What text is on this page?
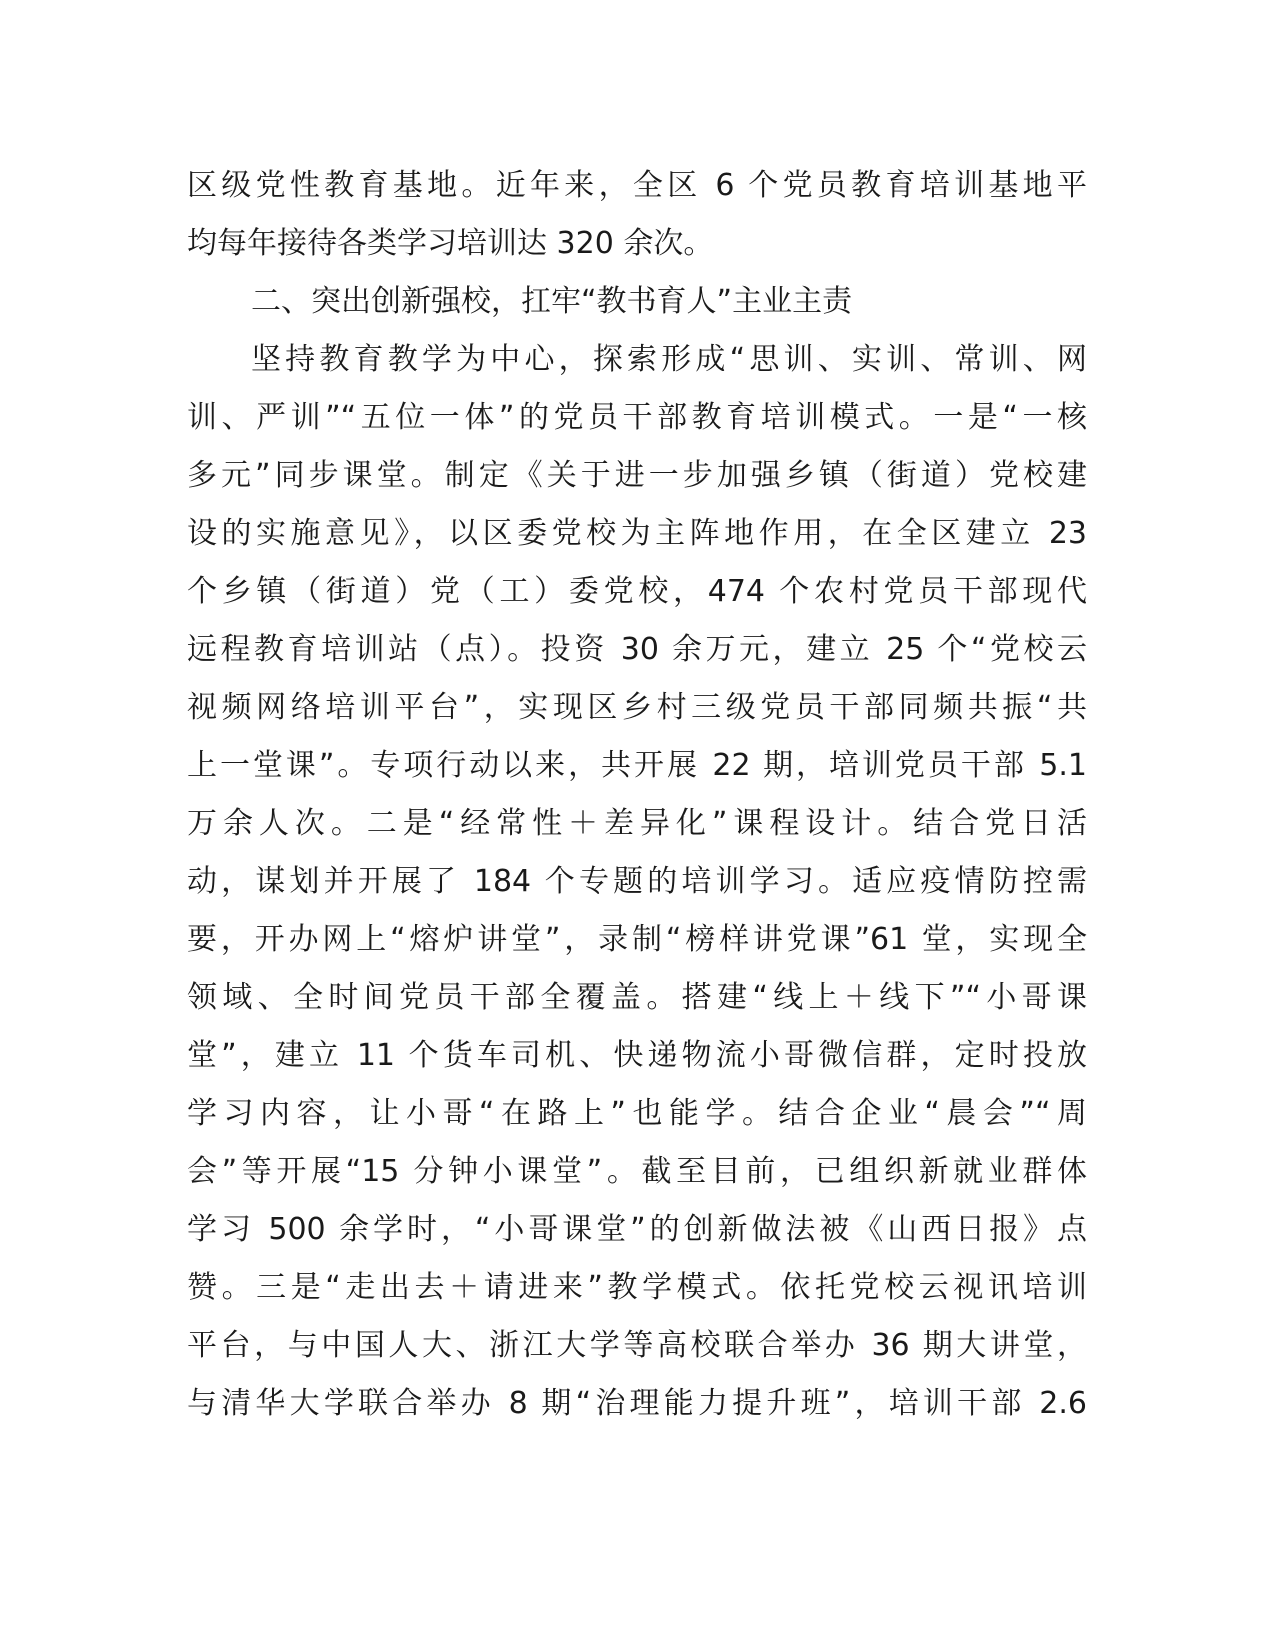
区级党性教育基地。近年来，全区 6 个党员教育培训基地平
均每年接待各类学习培训达 320 余次。

二、突出创新强校，扛牢“教书育人”主业主责

坚持教育教学为中心，探索形成“思训、实训、常训、网
训、严训”“五位一体”的党员干部教育培训模式。一是“一核
多元”同步课堂。制定《关于进一步加强乡镇（街道）党校建
设的实施意见》，以区委党校为主阵地作用，在全区建立 23
个乡镇（街道）党（工）委党校，474 个农村党员干部现代
远程教育培训站（点）。投资 30 余万元，建立 25 个“党校云
视频网络培训平台”，实现区乡村三级党员干部同频共振“共
上一堂课”。专项行动以来，共开展 22 期，培训党员干部 5.1
万余人次。二是“经常性＋差异化”课程设计。结合党日活
动，谋划并开展了 184 个专题的培训学习。适应疫情防控需
要，开办网上“熔炉讲堂”，录制“榜样讲党课”61 堂，实现全
领域、全时间党员干部全覆盖。搭建“线上＋线下”“小哥课
堂”，建立 11 个货车司机、快递物流小哥微信群，定时投放
学习内容，让小哥“在路上”也能学。结合企业“晨会”“周
会”等开展“15 分钟小课堂”。截至目前，已组织新就业群体
学习 500 余学时，“小哥课堂”的创新做法被《山西日报》点
赞。三是“走出去＋请进来”教学模式。依托党校云视讯培训
平台，与中国人大、浙江大学等高校联合举办 36 期大讲堂，
与清华大学联合举办 8 期“治理能力提升班”，培训干部 2.6
